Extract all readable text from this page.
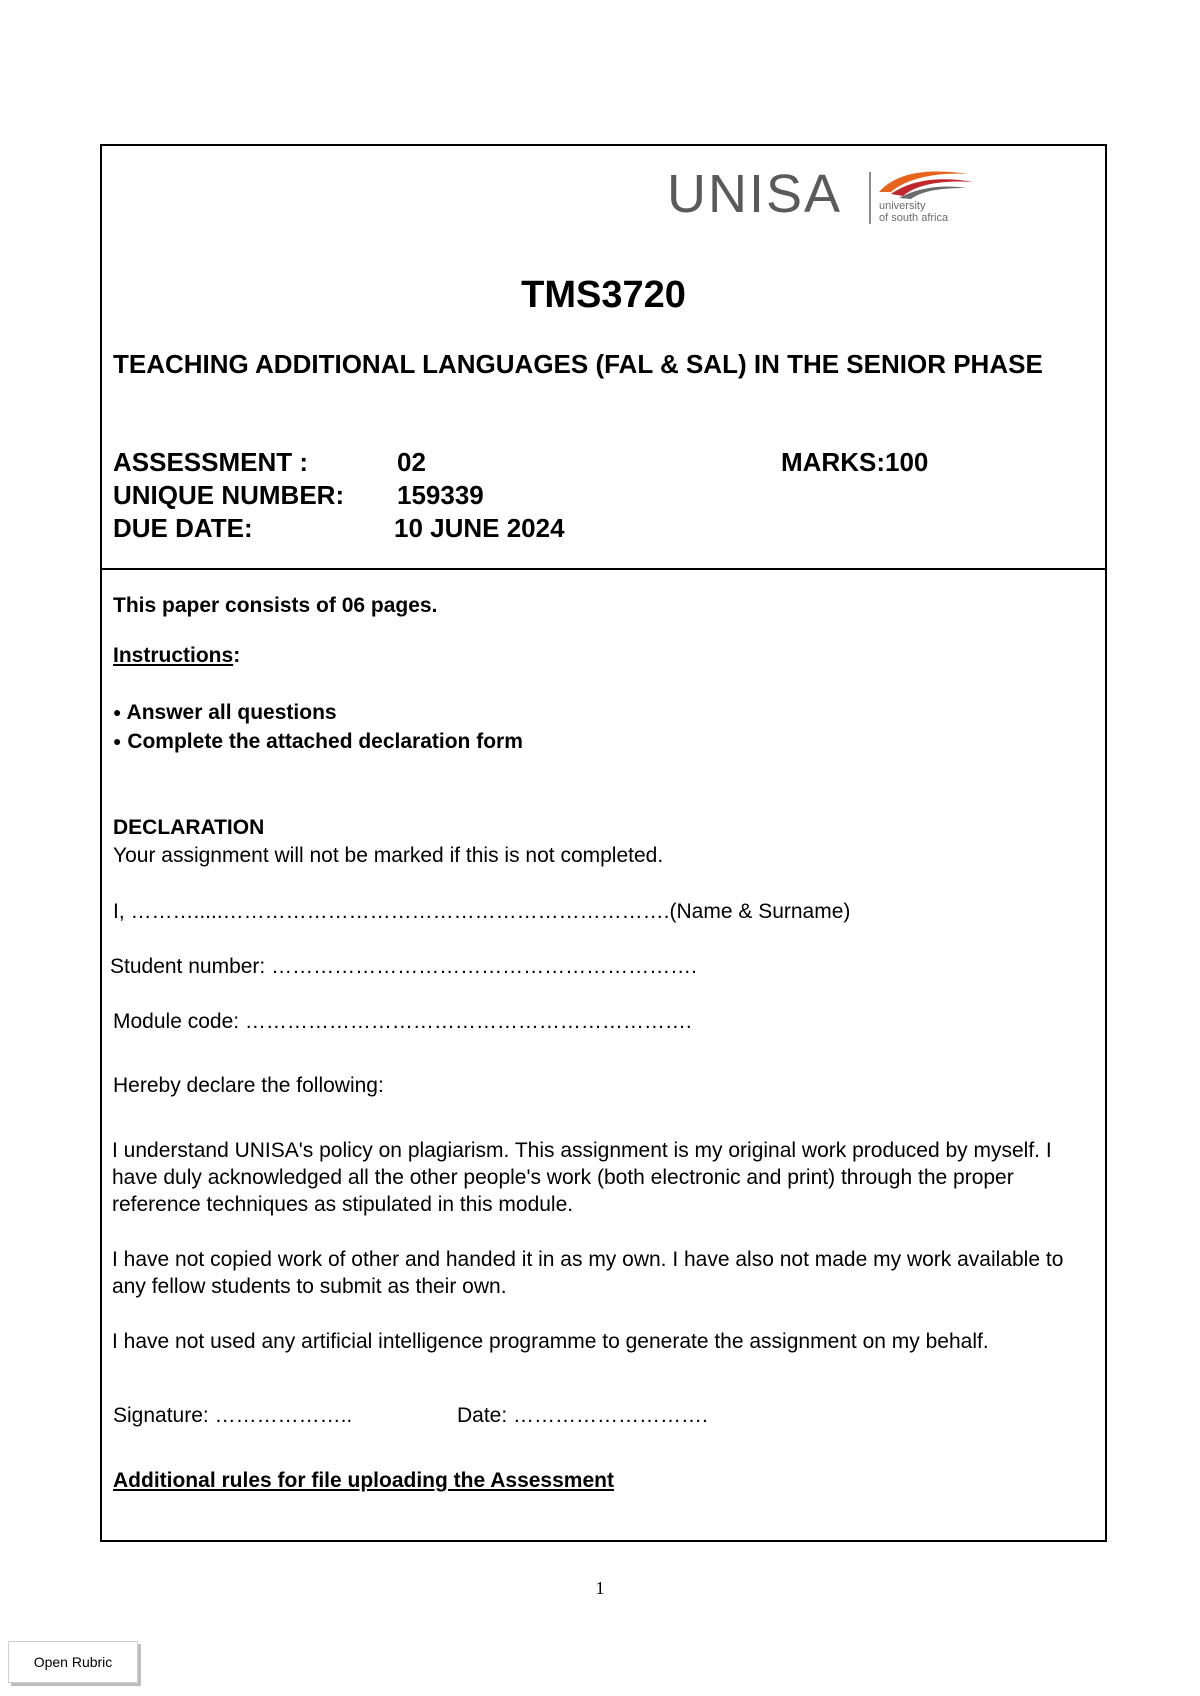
UNISA	university
of south africa
TMS3720
TEACHING ADDITIONAL LANGUAGES (FAL & SAL) IN THE SENIOR PHASE
ASSESSMENT :	02	MARKS:100
UNIQUE NUMBER: 159339
DUE DATE:	10 JUNE 2024
This paper consists of 06 pages.
Instructions:
● Answer all questions
● Complete the attached declaration form
DECLARATION
Your assignment will not be marked if this is not completed.
I, ……….....……………………………………………………….(Name & Surname)
Student number: …………………………………………………….
Module code: ……………………………………………………….
Hereby declare the following:
I understand UNISA's policy on plagiarism. This assignment is my original work produced by myself. I have duly acknowledged all the other people's work (both electronic and print) through the proper reference techniques as stipulated in this module.
I have not copied work of other and handed it in as my own. I have also not made my work available to any fellow students to submit as their own.
I have not used any artificial intelligence programme to generate the assignment on my behalf.
Signature: ………………..	Date: ……………………….
Additional rules for file uploading the Assessment
1
Open Rubric
